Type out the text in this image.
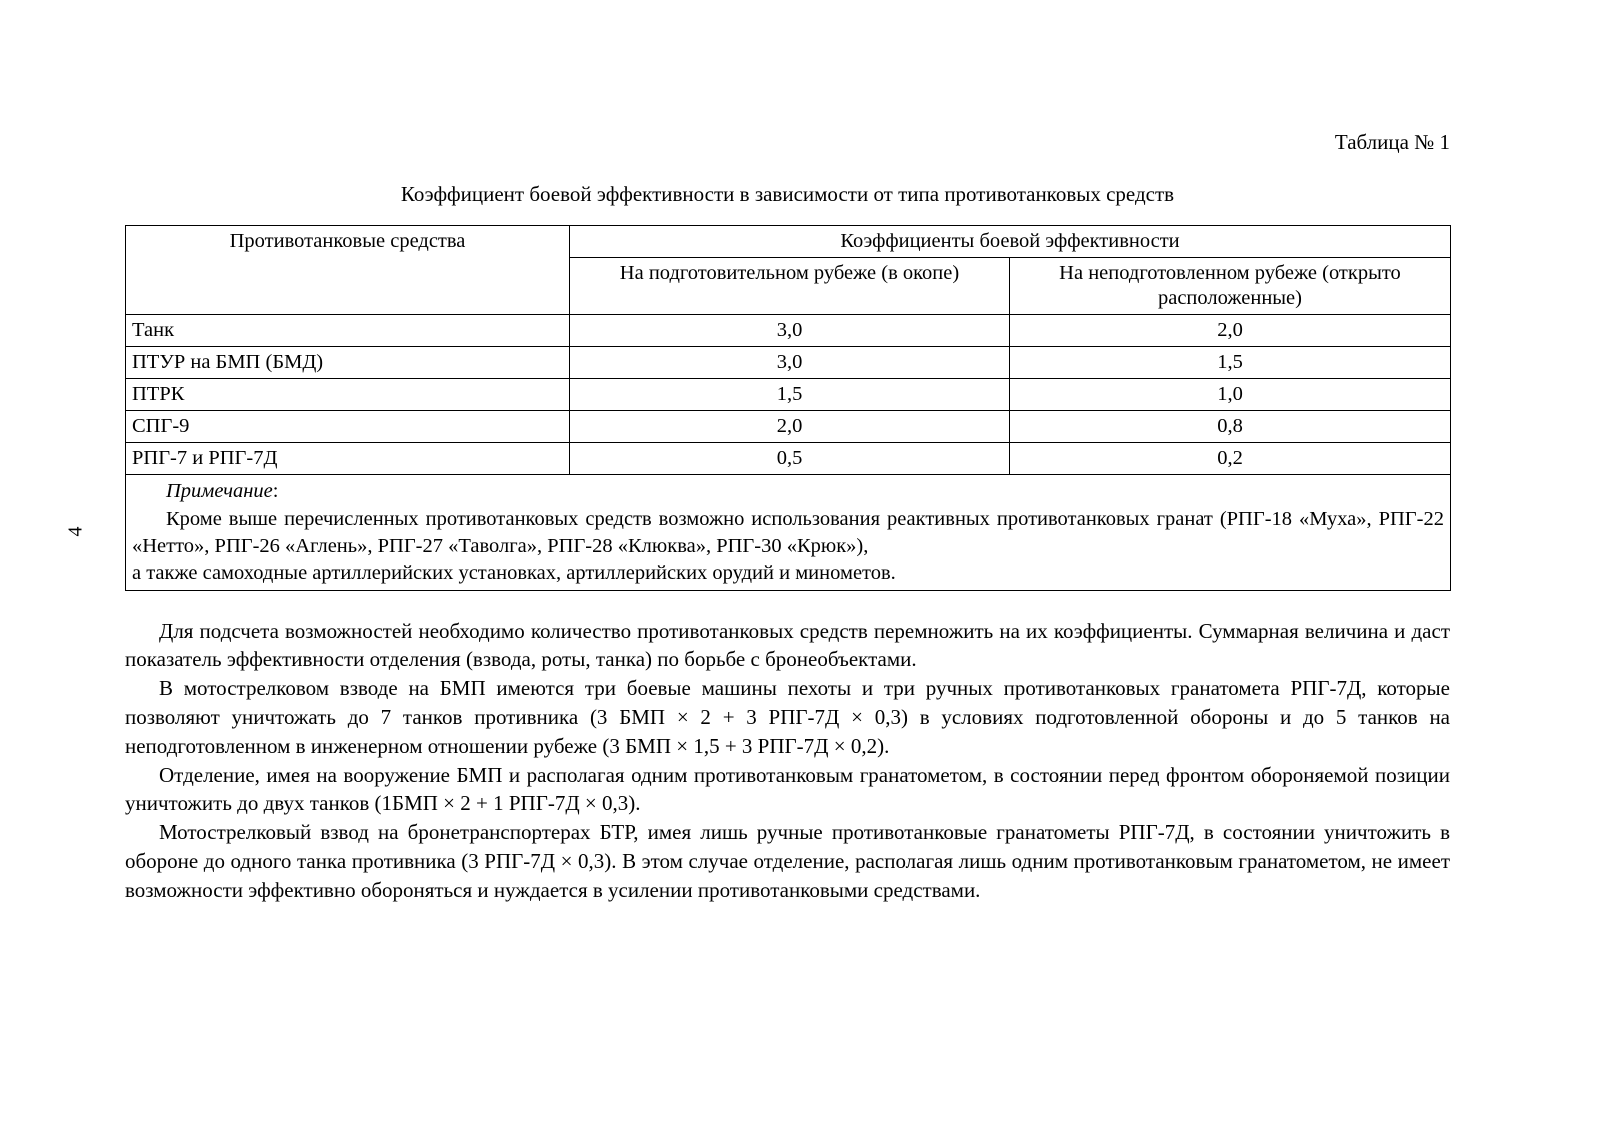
4
Таблица № 1
Коэффициент боевой эффективности в зависимости от типа противотанковых средств
Противотанковые средства	Коэффициенты боевой эффективности	
	На подготовительном рубеже (в окопе)	На неподготовленном рубеже (открыто расположенные)
Танк	3,0	2,0
ПТУР на БМП (БМД)	3,0	1,5
ПТРК	1,5	1,0
СПГ-9	2,0	0,8
РПГ-7 и РПГ-7Д	0,5	0,2

Примечание:

Кроме выше перечисленных противотанковых средств возможно использования реактивных противотанковых гранат (РПГ-18 «Муха», РПГ-22 «Нетто», РПГ-26 «Аглень», РПГ-27 «Таволга», РПГ-28 «Клюква», РПГ-30 «Крюк»),

а также самоходные артиллерийских установках, артиллерийских орудий и минометов.		

Для подсчета возможностей необходимо количество противотанковых средств перемножить на их коэффициенты. Суммарная величина и даст показатель эффективности отделения (взвода, роты, танка) по борьбе с бронеобъектами.

В мотострелковом взводе на БМП имеются три боевые машины пехоты и три ручных противотанковых гранатомета РПГ-7Д, которые позволяют уничтожать до 7 танков противника (3 БМП × 2 + 3 РПГ-7Д × 0,3) в условиях подготовленной обороны и до 5 танков на неподготовленном в инженерном отношении рубеже (3 БМП × 1,5 + 3 РПГ-7Д × 0,2).

Отделение, имея на вооружение БМП и располагая одним противотанковым гранатометом, в состоянии перед фронтом обороняемой позиции уничтожить до двух танков (1БМП × 2 + 1 РПГ-7Д × 0,3).

Мотострелковый взвод на бронетранспортерах БТР, имея лишь ручные противотанковые гранатометы РПГ-7Д, в состоянии уничтожить в обороне до одного танка противника (3 РПГ-7Д × 0,3). В этом случае отделение, располагая лишь одним противотанковым гранатометом, не имеет возможности эффективно обороняться и нуждается в усилении противотанковыми средствами.
